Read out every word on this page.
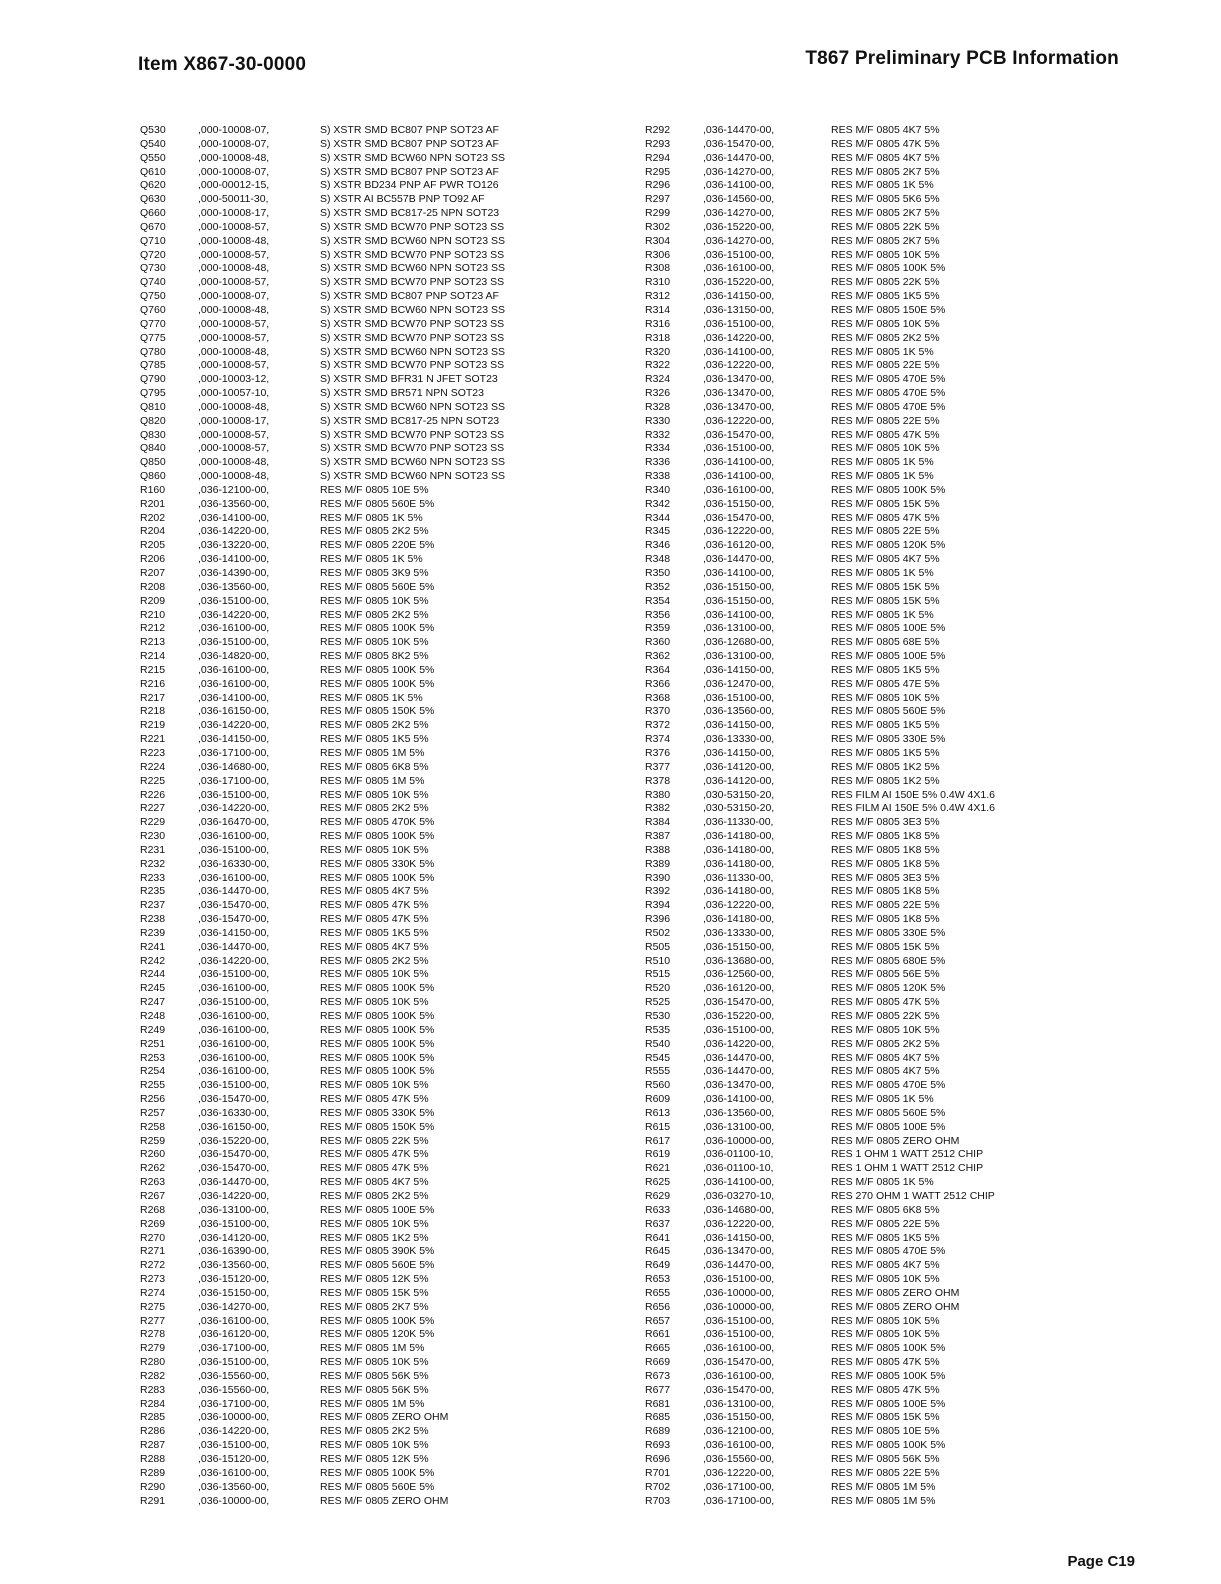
Item X867-30-0000	T867 Preliminary PCB Information
Q530	,000-10008-07,	S) XSTR SMD BC807 PNP SOT23 AF
Q540	,000-10008-07,	S) XSTR SMD BC807 PNP SOT23 AF
Q550	,000-10008-48,	S) XSTR SMD BCW60 NPN SOT23 SS
Q610	,000-10008-07,	S) XSTR SMD BC807 PNP SOT23 AF
Q620	,000-00012-15,	S) XSTR BD234 PNP AF PWR TO126
Q630	,000-50011-30,	S) XSTR AI BC557B PNP TO92 AF
Q660	,000-10008-17,	S) XSTR SMD BC817-25 NPN SOT23
Q670	,000-10008-57,	S) XSTR SMD BCW70 PNP SOT23 SS
Q710	,000-10008-48,	S) XSTR SMD BCW60 NPN SOT23 SS
Q720	,000-10008-57,	S) XSTR SMD BCW70 PNP SOT23 SS
Q730	,000-10008-48,	S) XSTR SMD BCW60 NPN SOT23 SS
Q740	,000-10008-57,	S) XSTR SMD BCW70 PNP SOT23 SS
Q750	,000-10008-07,	S) XSTR SMD BC807 PNP SOT23 AF
Q760	,000-10008-48,	S) XSTR SMD BCW60 NPN SOT23 SS
Q770	,000-10008-57,	S) XSTR SMD BCW70 PNP SOT23 SS
Q775	,000-10008-57,	S) XSTR SMD BCW70 PNP SOT23 SS
Q780	,000-10008-48,	S) XSTR SMD BCW60 NPN SOT23 SS
Q785	,000-10008-57,	S) XSTR SMD BCW70 PNP SOT23 SS
Q790	,000-10003-12,	S) XSTR SMD BFR31 N JFET SOT23
Q795	,000-10057-10,	S) XSTR SMD BR571 NPN SOT23
Q810	,000-10008-48,	S) XSTR SMD BCW60 NPN SOT23 SS
Q820	,000-10008-17,	S) XSTR SMD BC817-25 NPN SOT23
Q830	,000-10008-57,	S) XSTR SMD BCW70 PNP SOT23 SS
Q840	,000-10008-57,	S) XSTR SMD BCW70 PNP SOT23 SS
Q850	,000-10008-48,	S) XSTR SMD BCW60 NPN SOT23 SS
Q860	,000-10008-48,	S) XSTR SMD BCW60 NPN SOT23 SS
R160	,036-12100-00,	RES M/F 0805 10E 5%
R201	,036-13560-00,	RES M/F 0805 560E 5%
R202	,036-14100-00,	RES M/F 0805 1K 5%
R204	,036-14220-00,	RES M/F 0805 2K2 5%
R205	,036-13220-00,	RES M/F 0805 220E 5%
R206	,036-14100-00,	RES M/F 0805 1K 5%
R207	,036-14390-00,	RES M/F 0805 3K9 5%
R208	,036-13560-00,	RES M/F 0805 560E 5%
R209	,036-15100-00,	RES M/F 0805 10K 5%
R210	,036-14220-00,	RES M/F 0805 2K2 5%
R212	,036-16100-00,	RES M/F 0805 100K 5%
R213	,036-15100-00,	RES M/F 0805 10K 5%
R214	,036-14820-00,	RES M/F 0805 8K2 5%
R215	,036-16100-00,	RES M/F 0805 100K 5%
R216	,036-16100-00,	RES M/F 0805 100K 5%
R217	,036-14100-00,	RES M/F 0805 1K 5%
R218	,036-16150-00,	RES M/F 0805 150K 5%
R219	,036-14220-00,	RES M/F 0805 2K2 5%
R221	,036-14150-00,	RES M/F 0805 1K5 5%
R223	,036-17100-00,	RES M/F 0805 1M 5%
R224	,036-14680-00,	RES M/F 0805 6K8 5%
R225	,036-17100-00,	RES M/F 0805 1M 5%
R226	,036-15100-00,	RES M/F 0805 10K 5%
R227	,036-14220-00,	RES M/F 0805 2K2 5%
R229	,036-16470-00,	RES M/F 0805 470K 5%
R230	,036-16100-00,	RES M/F 0805 100K 5%
R231	,036-15100-00,	RES M/F 0805 10K 5%
R232	,036-16330-00,	RES M/F 0805 330K 5%
R233	,036-16100-00,	RES M/F 0805 100K 5%
R235	,036-14470-00,	RES M/F 0805 4K7 5%
R237	,036-15470-00,	RES M/F 0805 47K 5%
R238	,036-15470-00,	RES M/F 0805 47K 5%
R239	,036-14150-00,	RES M/F 0805 1K5 5%
R241	,036-14470-00,	RES M/F 0805 4K7 5%
R242	,036-14220-00,	RES M/F 0805 2K2 5%
R244	,036-15100-00,	RES M/F 0805 10K 5%
R245	,036-16100-00,	RES M/F 0805 100K 5%
R247	,036-15100-00,	RES M/F 0805 10K 5%
R248	,036-16100-00,	RES M/F 0805 100K 5%
R249	,036-16100-00,	RES M/F 0805 100K 5%
R251	,036-16100-00,	RES M/F 0805 100K 5%
R253	,036-16100-00,	RES M/F 0805 100K 5%
R254	,036-16100-00,	RES M/F 0805 100K 5%
R255	,036-15100-00,	RES M/F 0805 10K 5%
R256	,036-15470-00,	RES M/F 0805 47K 5%
R257	,036-16330-00,	RES M/F 0805 330K 5%
R258	,036-16150-00,	RES M/F 0805 150K 5%
R259	,036-15220-00,	RES M/F 0805 22K 5%
R260	,036-15470-00,	RES M/F 0805 47K 5%
R262	,036-15470-00,	RES M/F 0805 47K 5%
R263	,036-14470-00,	RES M/F 0805 4K7 5%
R267	,036-14220-00,	RES M/F 0805 2K2 5%
R268	,036-13100-00,	RES M/F 0805 100E 5%
R269	,036-15100-00,	RES M/F 0805 10K 5%
R270	,036-14120-00,	RES M/F 0805 1K2 5%
R271	,036-16390-00,	RES M/F 0805 390K 5%
R272	,036-13560-00,	RES M/F 0805 560E 5%
R273	,036-15120-00,	RES M/F 0805 12K 5%
R274	,036-15150-00,	RES M/F 0805 15K 5%
R275	,036-14270-00,	RES M/F 0805 2K7 5%
R277	,036-16100-00,	RES M/F 0805 100K 5%
R278	,036-16120-00,	RES M/F 0805 120K 5%
R279	,036-17100-00,	RES M/F 0805 1M 5%
R280	,036-15100-00,	RES M/F 0805 10K 5%
R282	,036-15560-00,	RES M/F 0805 56K 5%
R283	,036-15560-00,	RES M/F 0805 56K 5%
R284	,036-17100-00,	RES M/F 0805 1M 5%
R285	,036-10000-00,	RES M/F 0805 ZERO OHM
R286	,036-14220-00,	RES M/F 0805 2K2 5%
R287	,036-15100-00,	RES M/F 0805 10K 5%
R288	,036-15120-00,	RES M/F 0805 12K 5%
R289	,036-16100-00,	RES M/F 0805 100K 5%
R290	,036-13560-00,	RES M/F 0805 560E 5%
R291	,036-10000-00,	RES M/F 0805 ZERO OHM
R292	,036-14470-00,	RES M/F 0805 4K7 5%
R293	,036-15470-00,	RES M/F 0805 47K 5%
R294	,036-14470-00,	RES M/F 0805 4K7 5%
R295	,036-14270-00,	RES M/F 0805 2K7 5%
R296	,036-14100-00,	RES M/F 0805 1K 5%
R297	,036-14560-00,	RES M/F 0805 5K6 5%
R299	,036-14270-00,	RES M/F 0805 2K7 5%
R302	,036-15220-00,	RES M/F 0805 22K 5%
R304	,036-14270-00,	RES M/F 0805 2K7 5%
R306	,036-15100-00,	RES M/F 0805 10K 5%
R308	,036-16100-00,	RES M/F 0805 100K 5%
R310	,036-15220-00,	RES M/F 0805 22K 5%
R312	,036-14150-00,	RES M/F 0805 1K5 5%
R314	,036-13150-00,	RES M/F 0805 150E 5%
R316	,036-15100-00,	RES M/F 0805 10K 5%
R318	,036-14220-00,	RES M/F 0805 2K2 5%
R320	,036-14100-00,	RES M/F 0805 1K 5%
R322	,036-12220-00,	RES M/F 0805 22E 5%
R324	,036-13470-00,	RES M/F 0805 470E 5%
R326	,036-13470-00,	RES M/F 0805 470E 5%
R328	,036-13470-00,	RES M/F 0805 470E 5%
R330	,036-12220-00,	RES M/F 0805 22E 5%
R332	,036-15470-00,	RES M/F 0805 47K 5%
R334	,036-15100-00,	RES M/F 0805 10K 5%
R336	,036-14100-00,	RES M/F 0805 1K 5%
R338	,036-14100-00,	RES M/F 0805 1K 5%
R340	,036-16100-00,	RES M/F 0805 100K 5%
R342	,036-15150-00,	RES M/F 0805 15K 5%
R344	,036-15470-00,	RES M/F 0805 47K 5%
R345	,036-12220-00,	RES M/F 0805 22E 5%
R346	,036-16120-00,	RES M/F 0805 120K 5%
R348	,036-14470-00,	RES M/F 0805 4K7 5%
R350	,036-14100-00,	RES M/F 0805 1K 5%
R352	,036-15150-00,	RES M/F 0805 15K 5%
R354	,036-15150-00,	RES M/F 0805 15K 5%
R356	,036-14100-00,	RES M/F 0805 1K 5%
R359	,036-13100-00,	RES M/F 0805 100E 5%
R360	,036-12680-00,	RES M/F 0805 68E 5%
R362	,036-13100-00,	RES M/F 0805 100E 5%
R364	,036-14150-00,	RES M/F 0805 1K5 5%
R366	,036-12470-00,	RES M/F 0805 47E 5%
R368	,036-15100-00,	RES M/F 0805 10K 5%
R370	,036-13560-00,	RES M/F 0805 560E 5%
R372	,036-14150-00,	RES M/F 0805 1K5 5%
R374	,036-13330-00,	RES M/F 0805 330E 5%
R376	,036-14150-00,	RES M/F 0805 1K5 5%
R377	,036-14120-00,	RES M/F 0805 1K2 5%
R378	,036-14120-00,	RES M/F 0805 1K2 5%
R380	,030-53150-20,	RES FILM AI 150E 5% 0.4W 4X1.6
R382	,030-53150-20,	RES FILM AI 150E 5% 0.4W 4X1.6
R384	,036-11330-00,	RES M/F 0805 3E3 5%
R387	,036-14180-00,	RES M/F 0805 1K8 5%
R388	,036-14180-00,	RES M/F 0805 1K8 5%
R389	,036-14180-00,	RES M/F 0805 1K8 5%
R390	,036-11330-00,	RES M/F 0805 3E3 5%
R392	,036-14180-00,	RES M/F 0805 1K8 5%
R394	,036-12220-00,	RES M/F 0805 22E 5%
R396	,036-14180-00,	RES M/F 0805 1K8 5%
R502	,036-13330-00,	RES M/F 0805 330E 5%
R505	,036-15150-00,	RES M/F 0805 15K 5%
R510	,036-13680-00,	RES M/F 0805 680E 5%
R515	,036-12560-00,	RES M/F 0805 56E 5%
R520	,036-16120-00,	RES M/F 0805 120K 5%
R525	,036-15470-00,	RES M/F 0805 47K 5%
R530	,036-15220-00,	RES M/F 0805 22K 5%
R535	,036-15100-00,	RES M/F 0805 10K 5%
R540	,036-14220-00,	RES M/F 0805 2K2 5%
R545	,036-14470-00,	RES M/F 0805 4K7 5%
R555	,036-14470-00,	RES M/F 0805 4K7 5%
R560	,036-13470-00,	RES M/F 0805 470E 5%
R609	,036-14100-00,	RES M/F 0805 1K 5%
R613	,036-13560-00,	RES M/F 0805 560E 5%
R615	,036-13100-00,	RES M/F 0805 100E 5%
R617	,036-10000-00,	RES M/F 0805 ZERO OHM
R619	,036-01100-10,	RES 1 OHM 1 WATT 2512 CHIP
R621	,036-01100-10,	RES 1 OHM 1 WATT 2512 CHIP
R625	,036-14100-00,	RES M/F 0805 1K 5%
R629	,036-03270-10,	RES 270 OHM 1 WATT 2512 CHIP
R633	,036-14680-00,	RES M/F 0805 6K8 5%
R637	,036-12220-00,	RES M/F 0805 22E 5%
R641	,036-14150-00,	RES M/F 0805 1K5 5%
R645	,036-13470-00,	RES M/F 0805 470E 5%
R649	,036-14470-00,	RES M/F 0805 4K7 5%
R653	,036-15100-00,	RES M/F 0805 10K 5%
R655	,036-10000-00,	RES M/F 0805 ZERO OHM
R656	,036-10000-00,	RES M/F 0805 ZERO OHM
R657	,036-15100-00,	RES M/F 0805 10K 5%
R661	,036-15100-00,	RES M/F 0805 10K 5%
R665	,036-16100-00,	RES M/F 0805 100K 5%
R669	,036-15470-00,	RES M/F 0805 47K 5%
R673	,036-16100-00,	RES M/F 0805 100K 5%
R677	,036-15470-00,	RES M/F 0805 47K 5%
R681	,036-13100-00,	RES M/F 0805 100E 5%
R685	,036-15150-00,	RES M/F 0805 15K 5%
R689	,036-12100-00,	RES M/F 0805 10E 5%
R693	,036-16100-00,	RES M/F 0805 100K 5%
R696	,036-15560-00,	RES M/F 0805 56K 5%
R701	,036-12220-00,	RES M/F 0805 22E 5%
R702	,036-17100-00,	RES M/F 0805 1M 5%
R703	,036-17100-00,	RES M/F 0805 1M 5%
Page C19
